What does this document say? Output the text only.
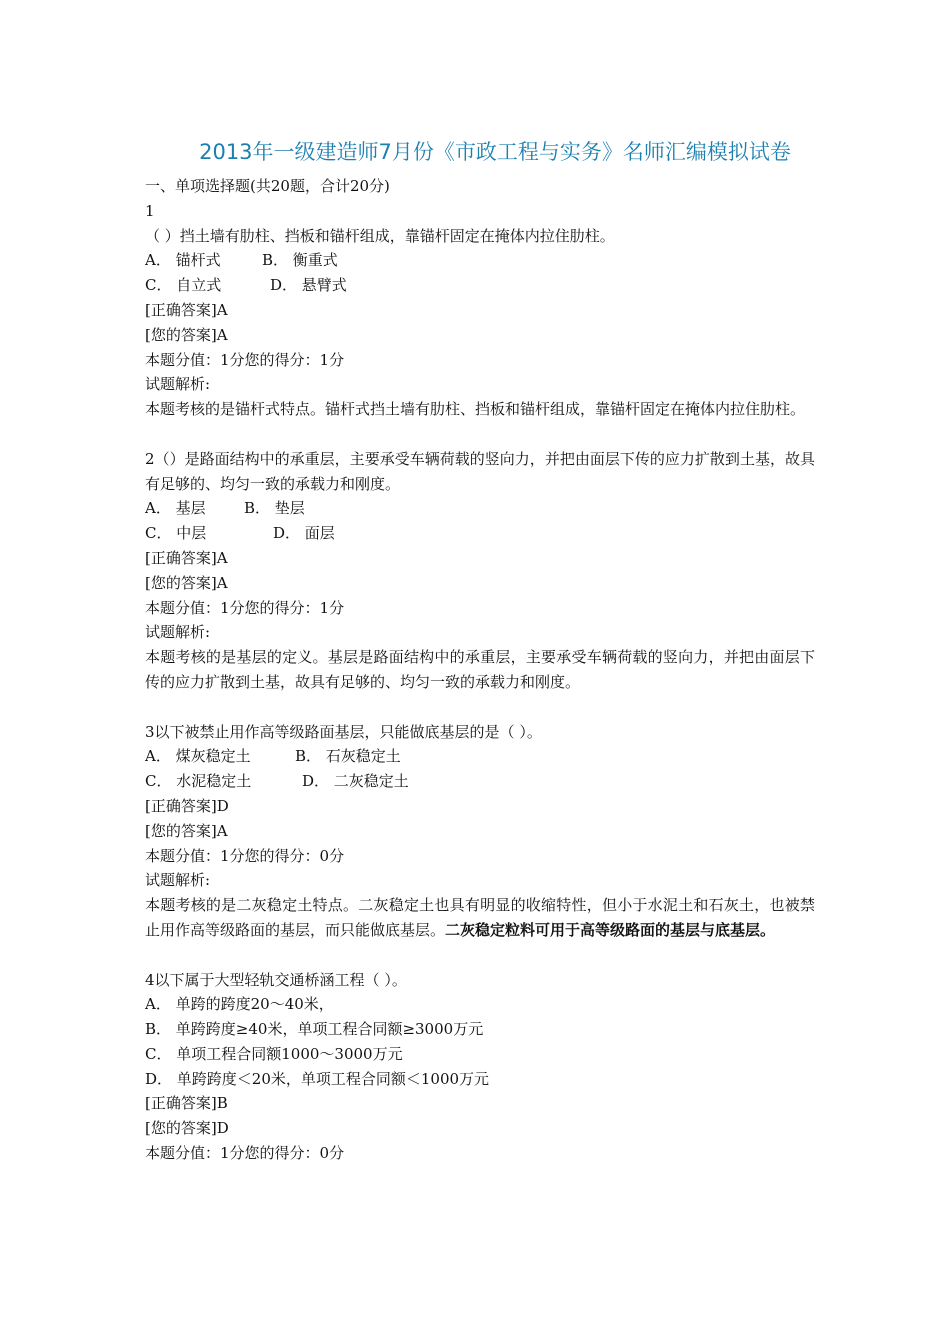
2013年一级建造师7月份《市政工程与实务》名师汇编模拟试卷
一、单项选择题(共20题，合计20分)
1
（ ）挡土墙有肋柱、挡板和锚杆组成，靠锚杆固定在掩体内拉住肋柱。
A． 锚杆式	B． 衡重式
C． 自立式	D． 悬臂式
[正确答案]A
[您的答案]A
本题分值：1分您的得分：1分
试题解析:
本题考核的是锚杆式特点。锚杆式挡土墙有肋柱、挡板和锚杆组成，靠锚杆固定在掩体内拉住肋柱。
2（）是路面结构中的承重层，主要承受车辆荷载的竖向力，并把由面层下传的应力扩散到土基，故具有足够的、均匀一致的承载力和刚度。
A． 基层	B． 垫层
C． 中层	D． 面层
[正确答案]A
[您的答案]A
本题分值：1分您的得分：1分
试题解析:
本题考核的是基层的定义。基层是路面结构中的承重层，主要承受车辆荷载的竖向力，并把由面层下传的应力扩散到土基，故具有足够的、均匀一致的承载力和刚度。
3以下被禁止用作高等级路面基层，只能做底基层的是（ ）。
A． 煤灰稳定土	B． 石灰稳定土
C． 水泥稳定土	D． 二灰稳定土
[正确答案]D
[您的答案]A
本题分值：1分您的得分：0分
试题解析:
本题考核的是二灰稳定土特点。二灰稳定土也具有明显的收缩特性，但小于水泥土和石灰土，也被禁止用作高等级路面的基层，而只能做底基层。二灰稳定粒料可用于高等级路面的基层与底基层。
4以下属于大型轻轨交通桥涵工程（ ）。
A． 单跨的跨度20～40米，
B． 单跨跨度≥40米，单项工程合同额≥3000万元
C． 单项工程合同额1000～3000万元
D． 单跨跨度＜20米，单项工程合同额＜1000万元
[正确答案]B
[您的答案]D
本题分值：1分您的得分：0分
